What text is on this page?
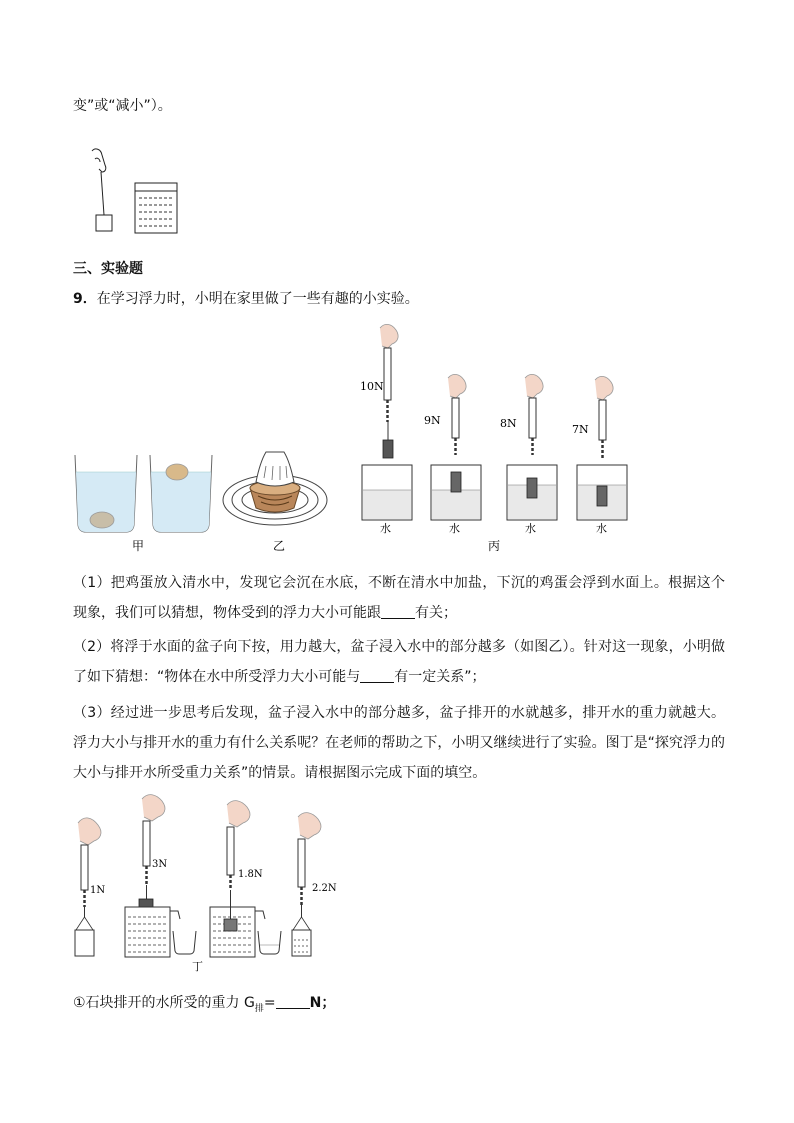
变”或“减小”）。
三、实验题
9．在学习浮力时，小明在家里做了一些有趣的小实验。
甲	乙
10N
水
9N
水
8N
水
7N
水
丙
（1）把鸡蛋放入清水中，发现它会沉在水底，不断在清水中加盐，下沉的鸡蛋会浮到水面上。根据这个现象，我们可以猜想，物体受到的浮力大小可能跟 有关；
（2）将浮于水面的盆子向下按，用力越大，盆子浸入水中的部分越多（如图乙）。针对这一现象，小明做了如下猜想：“物体在水中所受浮力大小可能与 有一定关系”；
（3）经过进一步思考后发现，盆子浸入水中的部分越多，盆子排开的水就越多，排开水的重力就越大。浮力大小与排开水的重力有什么关系呢？在老师的帮助之下，小明又继续进行了实验。图丁是“探究浮力的大小与排开水所受重力关系”的情景。请根据图示完成下面的填空。
1N
3N
1.8N
2.2N
丁
①石块排开的水所受的重力 $G_排= N$；
